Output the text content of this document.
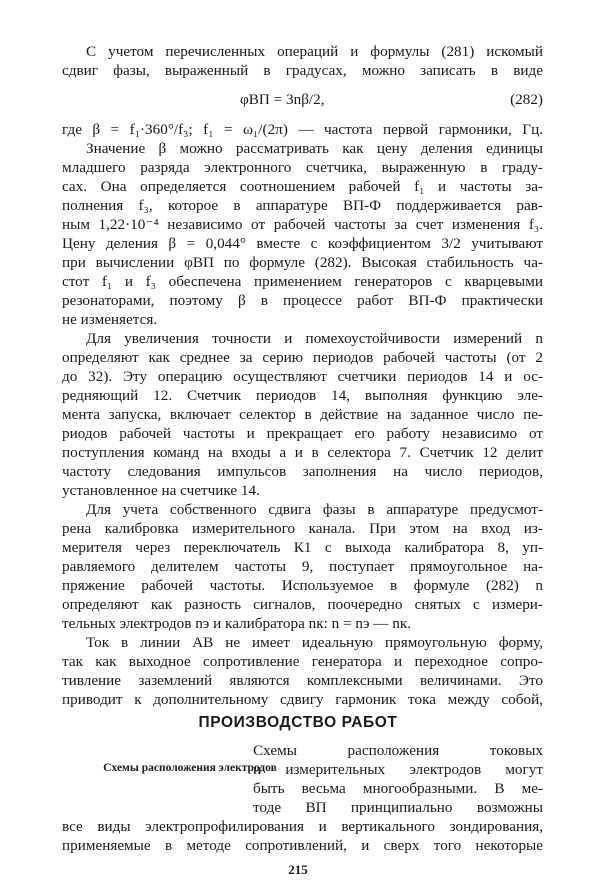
С учетом перечисленных операций и формулы (281) искомый
сдвиг фазы, выраженный в градусах, можно записать в виде
φВП = 3nβ/2,	(282)
где β = f₁·360°/f₃; f₁ = ω₁/(2π) — частота первой гармоники, Гц.
Значение β можно рассматривать как цену деления единицы
младшего разряда электронного счетчика, выраженную в граду-
сах. Она определяется соотношением рабочей f₁ и частоты за-
полнения f₃, которое в аппаратуре ВП-Ф поддерживается рав-
ным 1,22·10⁻⁴ независимо от рабочей частоты за счет изменения f₃.
Цену деления β = 0,044° вместе с коэффициентом 3/2 учитывают
при вычислении φВП по формуле (282). Высокая стабильность ча-
стот f₁ и f₃ обеспечена применением генераторов с кварцевыми
резонаторами, поэтому β в процессе работ ВП-Ф практически
не изменяется.
Для увеличения точности и помехоустойчивости измерений n
определяют как среднее за серию периодов рабочей частоты (от 2
до 32). Эту операцию осуществляют счетчики периодов 14 и ос-
редняющий 12. Счетчик периодов 14, выполняя функцию эле-
мента запуска, включает селектор в действие на заданное число пе-
риодов рабочей частоты и прекращает его работу независимо от
поступления команд на входы а и в селектора 7. Счетчик 12 делит
частоту следования импульсов заполнения на число периодов,
установленное на счетчике 14.
Для учета собственного сдвига фазы в аппаратуре предусмот-
рена калибровка измерительного канала. При этом на вход из-
мерителя через переключатель К1 с выхода калибратора 8, уп-
равляемого делителем частоты 9, поступает прямоугольное на-
пряжение рабочей частоты. Используемое в формуле (282) n
определяют как разность сигналов, поочередно снятых с измери-
тельных электродов nэ и калибратора nк: n = nэ — nк.
Ток в линии АВ не имеет идеальную прямоугольную форму,
так как выходное сопротивление генератора и переходное сопро-
тивление заземлений являются комплексными величинами. Это
приводит к дополнительному сдвигу гармоник тока между собой,
ПРОИЗВОДСТВО РАБОТ
Схемы расположения электродов
Схемы расположения токовых
и измерительных электродов могут
быть весьма многообразными. В ме-
тоде ВП принципиально возможны
все виды электропрофилирования и вертикального зондирования,
применяемые в методе сопротивлений, и сверх того некоторые
215
